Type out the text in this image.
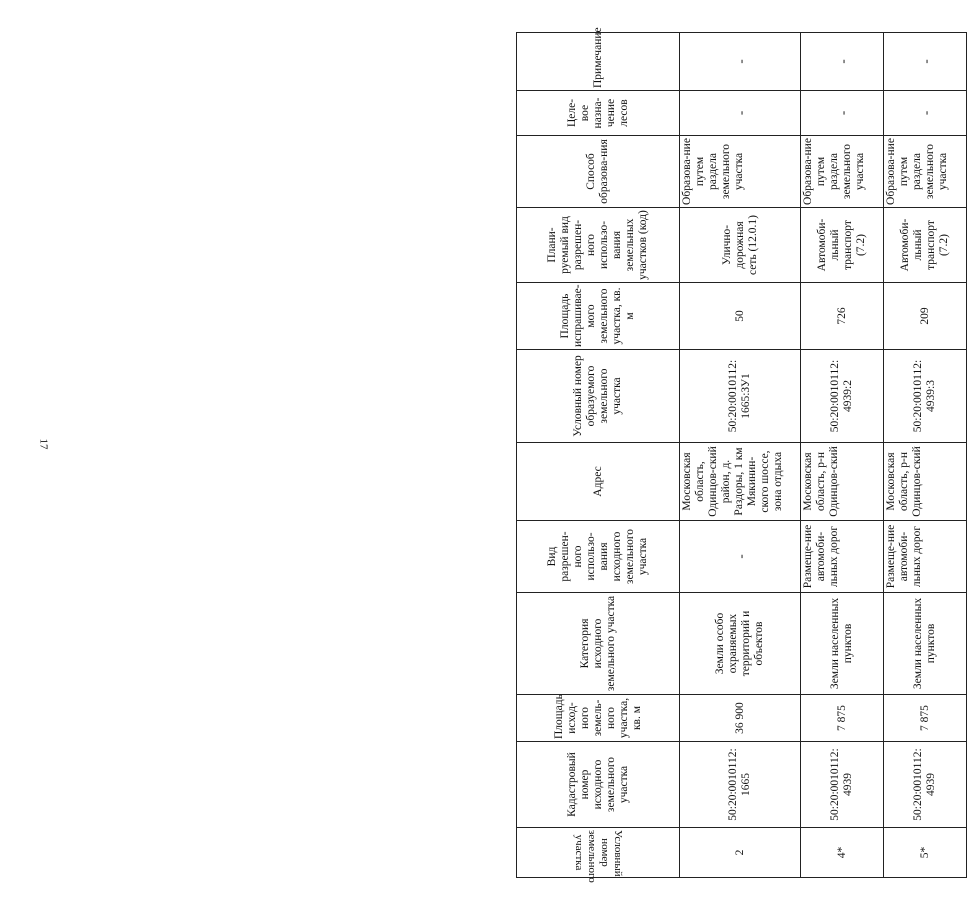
17
Условный номер земельного участка	Кадастровый номер исходного земельного участка	Площадь исход-ного земель-ного участка, кв. м	Категория исходного земельного участка	Вид разрешен-ного использо-вания исходного земельного участка	Адрес	Условный номер образуемого земельного участка	Площадь испрашивае-мого земельного участка, кв. м	Плани-руемый вид разрешен-ного использо-вания земельных участков (код)	Способ образова-ния	Целе-вое назна-чение лесов	Примечание
2	50:20:0010112: 1665	36 900	Земли особо охраняемых территорий и объектов	-	Московская область, Одинцов-ский район, д. Раздоры, 1 км Мякинин-ского шоссе, зона отдыха	50:20:0010112: 1665:ЗУ1	50	Улично-дорожная сеть (12.0.1)	Образова-ние путем раздела земельного участка	-	-
4*	50:20:0010112: 4939	7 875	Земли населенных пунктов	Размеще-ние автомоби-льных дорог	Московская область, р-н Одинцов-ский	50:20:0010112: 4939:2	726	Автомоби-льный транспорт (7.2)	Образова-ние путем раздела земельного участка	-	-
5*	50:20:0010112: 4939	7 875	Земли населенных пунктов	Размеще-ние автомоби-льных дорог	Московская область, р-н Одинцов-ский	50:20:0010112: 4939:3	209	Автомоби-льный транспорт (7.2)	Образова-ние путем раздела земельного участка	-	-
